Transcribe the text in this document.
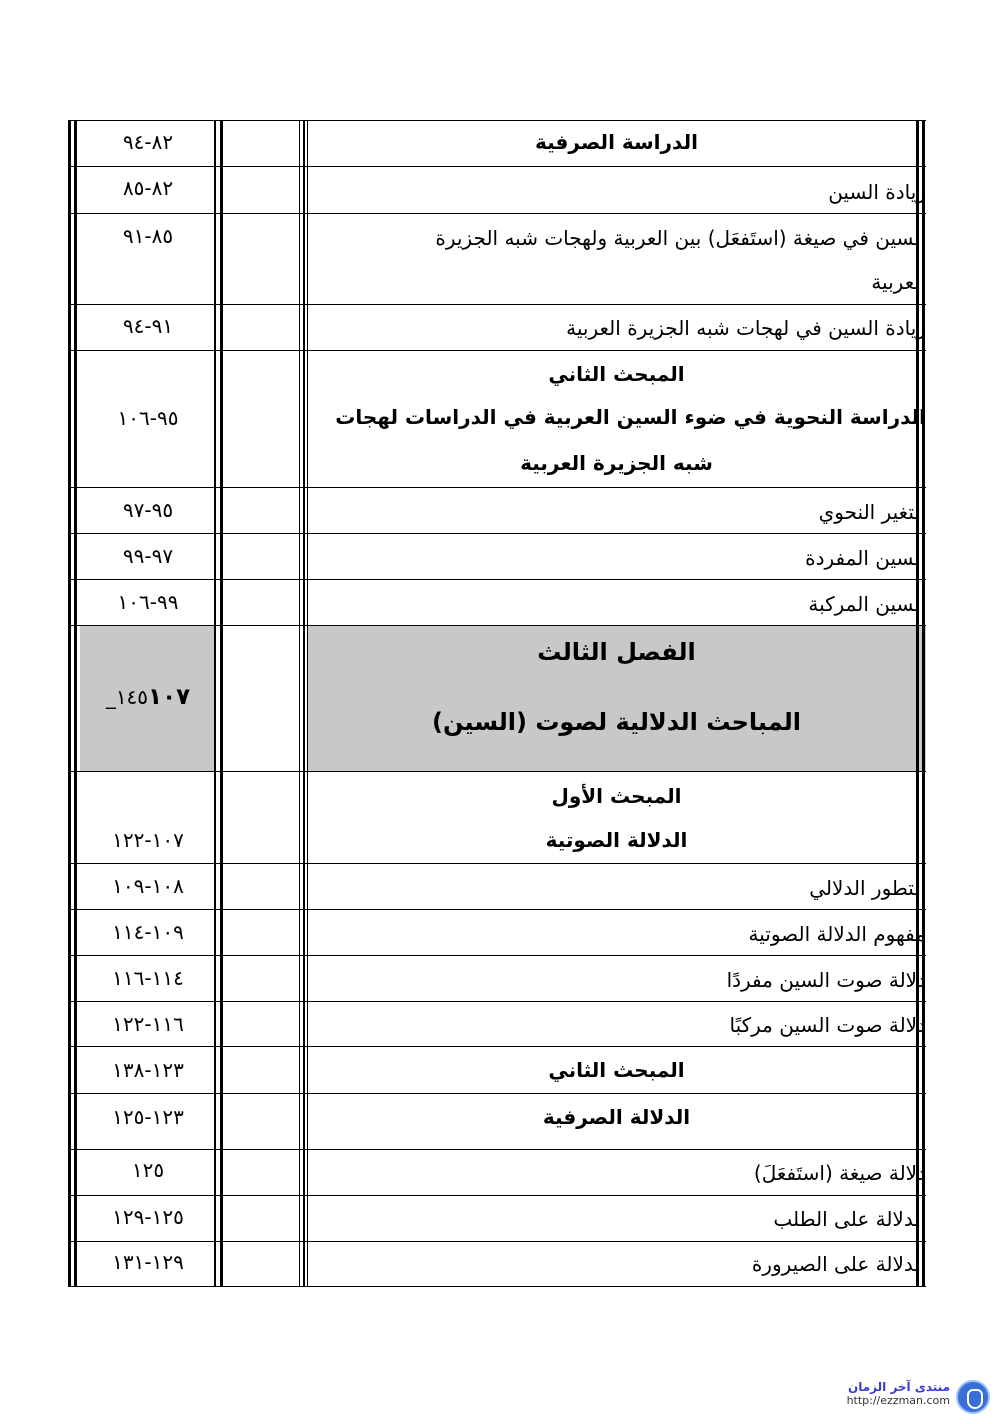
الدراسة الصرفية
٨٢-٩٤
زيادة السين
٨٢-٨٥
السين في صيغة (استَفعَل) بين العربية ولهجات شبه الجزيرة
العربية
٨٥-٩١
زيادة السين في لهجات شبه الجزيرة العربية
٩١-٩٤
المبحث الثاني
الدراسة النحوية في ضوء السين العربية في الدراسات لهجات
شبه الجزيرة العربية
٩٥-١٠٦
التغير النحوي
٩٥-٩٧
السين المفردة
٩٧-٩٩
السين المركبة
٩٩-١٠٦
الفصل الثالث
المباحث الدلالية لصوت (السين)
_١٤٥١٠٧
المبحث الأول
الدلالة الصوتية
١٠٧-١٢٢
التطور الدلالي
١٠٨-١٠٩
مفهوم الدلالة الصوتية
١٠٩-١١٤
دلالة صوت السين مفردًا
١١٤-١١٦
دلالة صوت السين مركبًا
١١٦-١٢٢
المبحث الثاني
١٢٣-١٣٨
الدلالة الصرفية
١٢٣-١٢٥
دلالة صيغة (استَفعَلَ)
١٢٥
الدلالة على الطلب
١٢٥-١٢٩
الدلالة على الصيرورة
١٢٩-١٣١
منتدى آخر الزمان
http://ezzman.com
